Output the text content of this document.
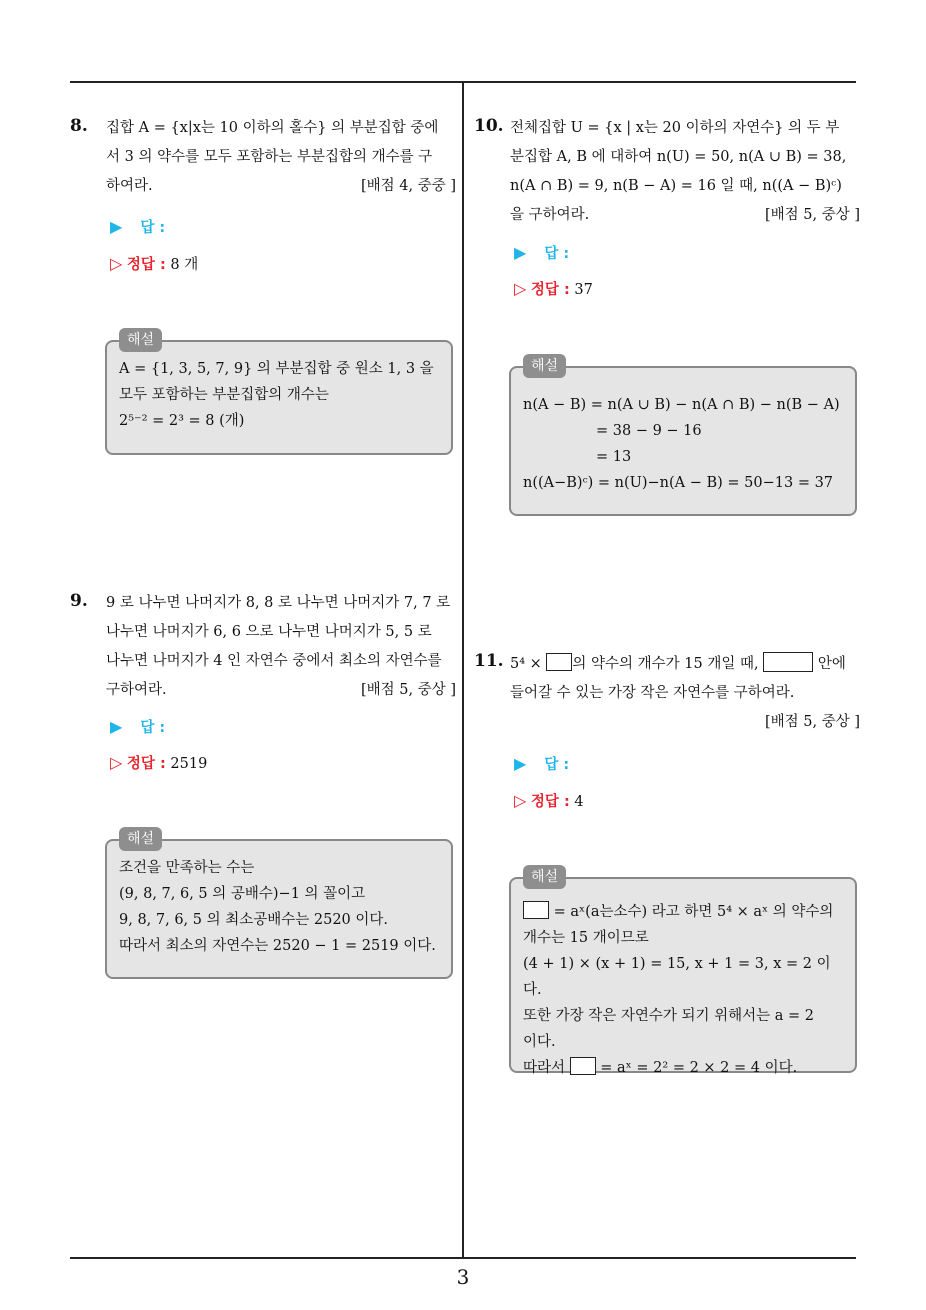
3
8. 집합 A = {x|x는 10 이하의 홀수} 의 부분집합 중에
서 3 의 약수를 모두 포함하는 부분집합의 개수를 구
하여라.	[배점 4, 중중 ]
▶ 답 :
▷ 정답 : 8 개
A = {1, 3, 5, 7, 9} 의 부분집합 중 원소 1, 3 을
모두 포함하는 부분집합의 개수는
2⁵⁻² = 2³ = 8 (개)
해설
9. 9 로 나누면 나머지가 8, 8 로 나누면 나머지가 7, 7 로
나누면 나머지가 6, 6 으로 나누면 나머지가 5, 5 로
나누면 나머지가 4 인 자연수 중에서 최소의 자연수를
구하여라.	[배점 5, 중상 ]
▶ 답 :
▷ 정답 : 2519
조건을 만족하는 수는
(9, 8, 7, 6, 5 의 공배수)−1 의 꼴이고
9, 8, 7, 6, 5 의 최소공배수는 2520 이다.
따라서 최소의 자연수는 2520 − 1 = 2519 이다.
해설
10. 전체집합 U = {x | x는 20 이하의 자연수} 의 두 부
분집합 A, B 에 대하여 n(U) = 50, n(A ∪ B) = 38,
n(A ∩ B) = 9, n(B − A) = 16 일 때, n((A − B)ᶜ)
을 구하여라.	[배점 5, 중상 ]
▶ 답 :
▷ 정답 : 37
n(A − B) = n(A ∪ B) − n(A ∩ B) − n(B − A)
= 38 − 9 − 16
= 13
n((A−B)ᶜ) = n(U)−n(A − B) = 50−13 = 37
해설
11. 5⁴ × 의 약수의 개수가 15 개일 때,	안에
들어갈 수 있는 가장 작은 자연수를 구하여라.
[배점 5, 중상 ]
▶ 답 :
▷ 정답 : 4
= aˣ(a는소수) 라고 하면 5⁴ × aˣ 의 약수의
개수는 15 개이므로
(4 + 1) × (x + 1) = 15, x + 1 = 3, x = 2 이다.
또한 가장 작은 자연수가 되기 위해서는 a = 2
이다.
따라서 = aˣ = 2² = 2 × 2 = 4 이다.
해설
